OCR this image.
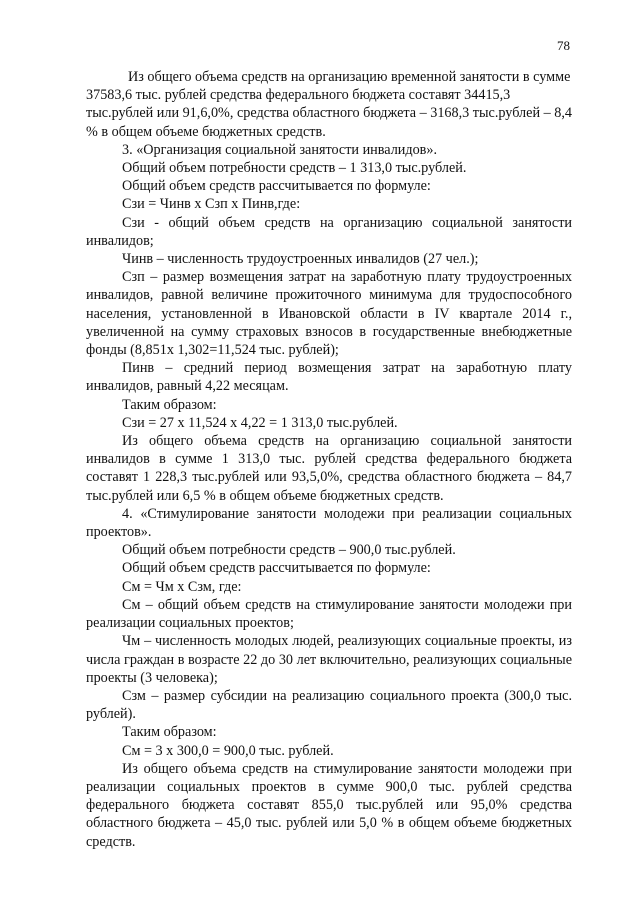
78

Из общего объема средств на организацию временной занятости в сумме 37583,6 тыс. рублей средства федерального бюджета составят 34415,3 тыс.рублей или 91,6,0%, средства областного бюджета – 3168,3 тыс.рублей – 8,4 % в общем объеме бюджетных средств.

3. «Организация социальной занятости инвалидов».

Общий объем потребности средств – 1 313,0 тыс.рублей.

Общий объем средств рассчитывается по формуле:

Сзи = Чинв х Сзп х Пинв,где:

Сзи - общий объем средств на организацию социальной занятости инвалидов;

Чинв – численность трудоустроенных инвалидов (27 чел.);

Сзп – размер возмещения затрат на заработную плату трудоустроенных инвалидов, равной величине прожиточного минимума для трудоспособного населения, установленной в Ивановской области в IV квартале 2014 г., увеличенной на сумму страховых взносов в государственные внебюджетные фонды (8,851х 1,302=11,524 тыс. рублей);

Пинв – средний период возмещения затрат на заработную плату инвалидов, равный 4,22 месяцам.

Таким образом:

Сзи = 27 х 11,524 х 4,22 = 1 313,0 тыс.рублей.

Из общего объема средств на организацию социальной занятости инвалидов в сумме 1 313,0 тыс. рублей средства федерального бюджета составят 1 228,3 тыс.рублей или 93,5,0%, средства областного бюджета – 84,7 тыс.рублей или 6,5 % в общем объеме бюджетных средств.

4. «Стимулирование занятости молодежи при реализации социальных проектов».

Общий объем потребности средств – 900,0 тыс.рублей.

Общий объем средств рассчитывается по формуле:

См = Чм х Сзм, где:

См – общий объем средств на стимулирование занятости молодежи при реализации социальных проектов;

Чм – численность молодых людей, реализующих социальные проекты, из числа граждан в возрасте 22 до 30 лет включительно, реализующих социальные проекты (3 человека);

Сзм – размер субсидии на реализацию социального проекта (300,0 тыс. рублей).

Таким образом:

См = 3 х 300,0 = 900,0 тыс. рублей.

Из общего объема средств на стимулирование занятости молодежи при реализации социальных проектов в сумме 900,0 тыс. рублей средства федерального бюджета составят 855,0 тыс.рублей или 95,0% средства областного бюджета – 45,0 тыс. рублей или 5,0 % в общем объеме бюджетных средств.
